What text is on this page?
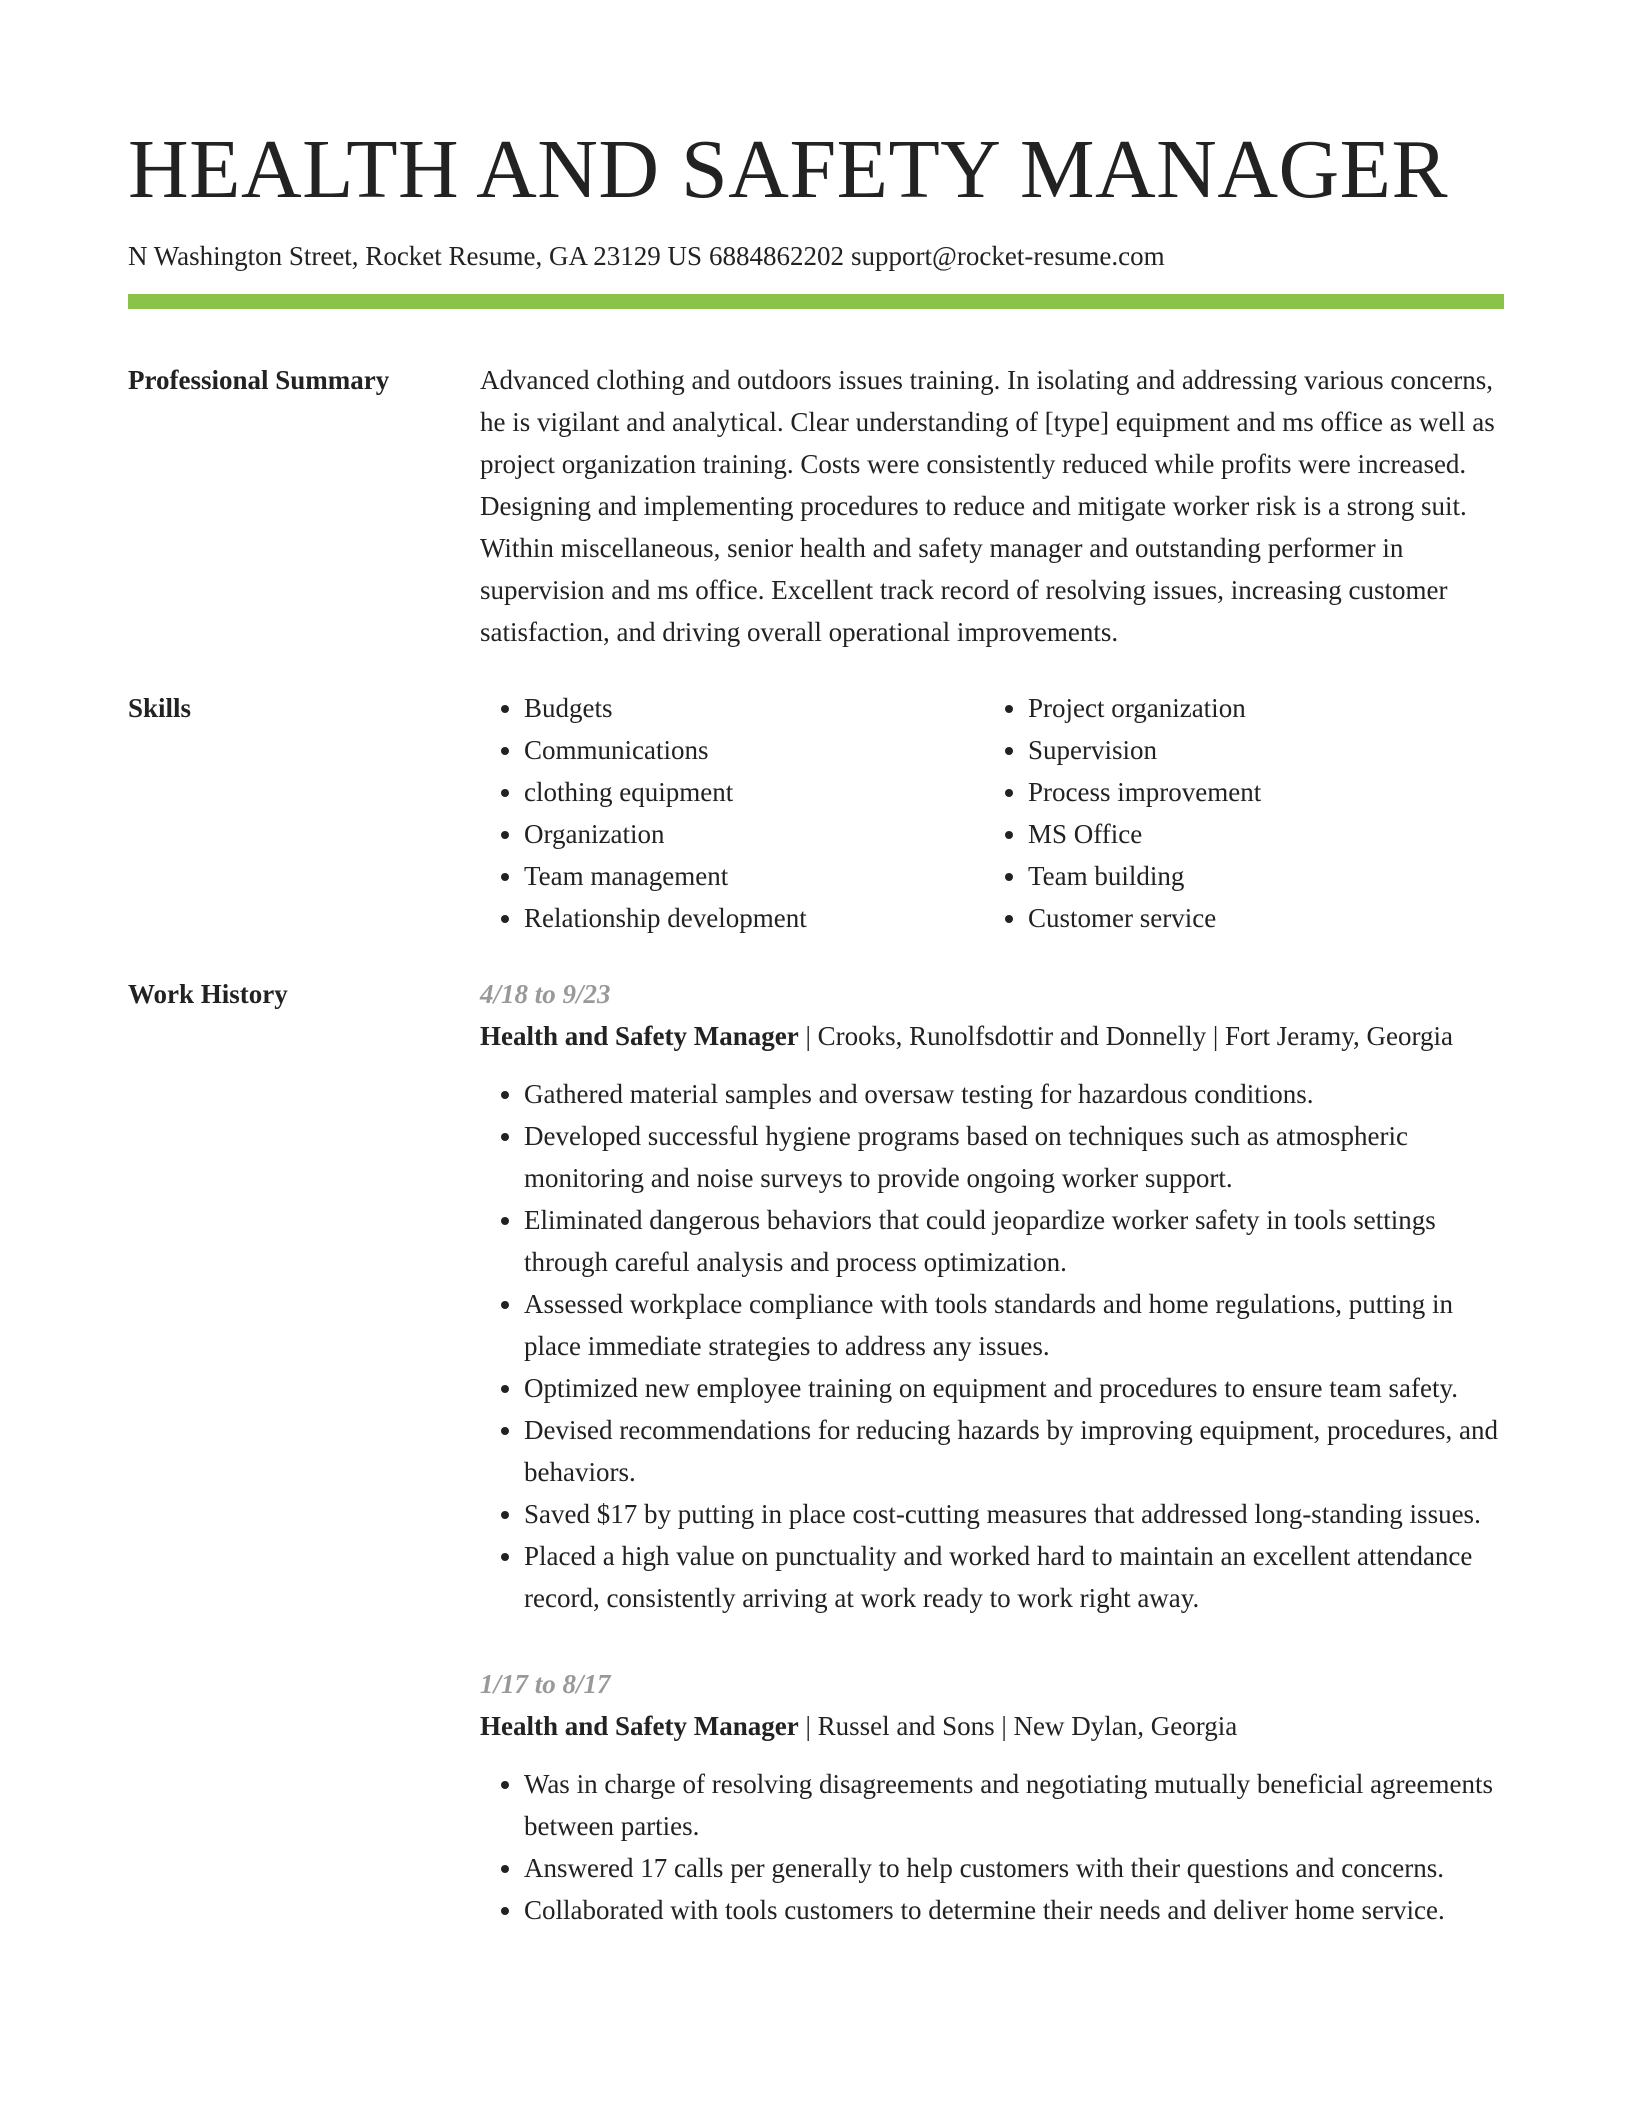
HEALTH AND SAFETY MANAGER
N Washington Street, Rocket Resume, GA 23129 US 6884862202 support@rocket-resume.com
Professional Summary	Advanced clothing and outdoors issues training. In isolating and addressing various concerns, he is vigilant and analytical. Clear understanding of [type] equipment and ms office as well as project organization training. Costs were consistently reduced while profits were increased. Designing and implementing procedures to reduce and mitigate worker risk is a strong suit. Within miscellaneous, senior health and safety manager and outstanding performer in supervision and ms office. Excellent track record of resolving issues, increasing customer satisfaction, and driving overall operational improvements.

Skills
•	Budgets
• Communications
• clothing equipment
• Organization
• Team management
• Relationship development
• Project organization
• Supervision
• Process improvement
• MS Office
• Team building
• Customer service
Work History	4/18 to 9/23
Health and Safety Manager | Crooks, Runolfsdottir and Donnelly | Fort Jeramy, Georgia
• Gathered material samples and oversaw testing for hazardous conditions.
• Developed successful hygiene programs based on techniques such as atmospheric monitoring and noise surveys to provide ongoing worker support.
• Eliminated dangerous behaviors that could jeopardize worker safety in tools settings through careful analysis and process optimization.
• Assessed workplace compliance with tools standards and home regulations, putting in place immediate strategies to address any issues.
• Optimized new employee training on equipment and procedures to ensure team safety.
• Devised recommendations for reducing hazards by improving equipment, procedures, and behaviors.
• Saved $17 by putting in place cost-cutting measures that addressed long-standing issues.
• Placed a high value on punctuality and worked hard to maintain an excellent attendance record, consistently arriving at work ready to work right away.
1/17 to 8/17
Health and Safety Manager | Russel and Sons | New Dylan, Georgia
• Was in charge of resolving disagreements and negotiating mutually beneficial agreements between parties.
• Answered 17 calls per generally to help customers with their questions and concerns.
• Collaborated with tools customers to determine their needs and deliver home service.
